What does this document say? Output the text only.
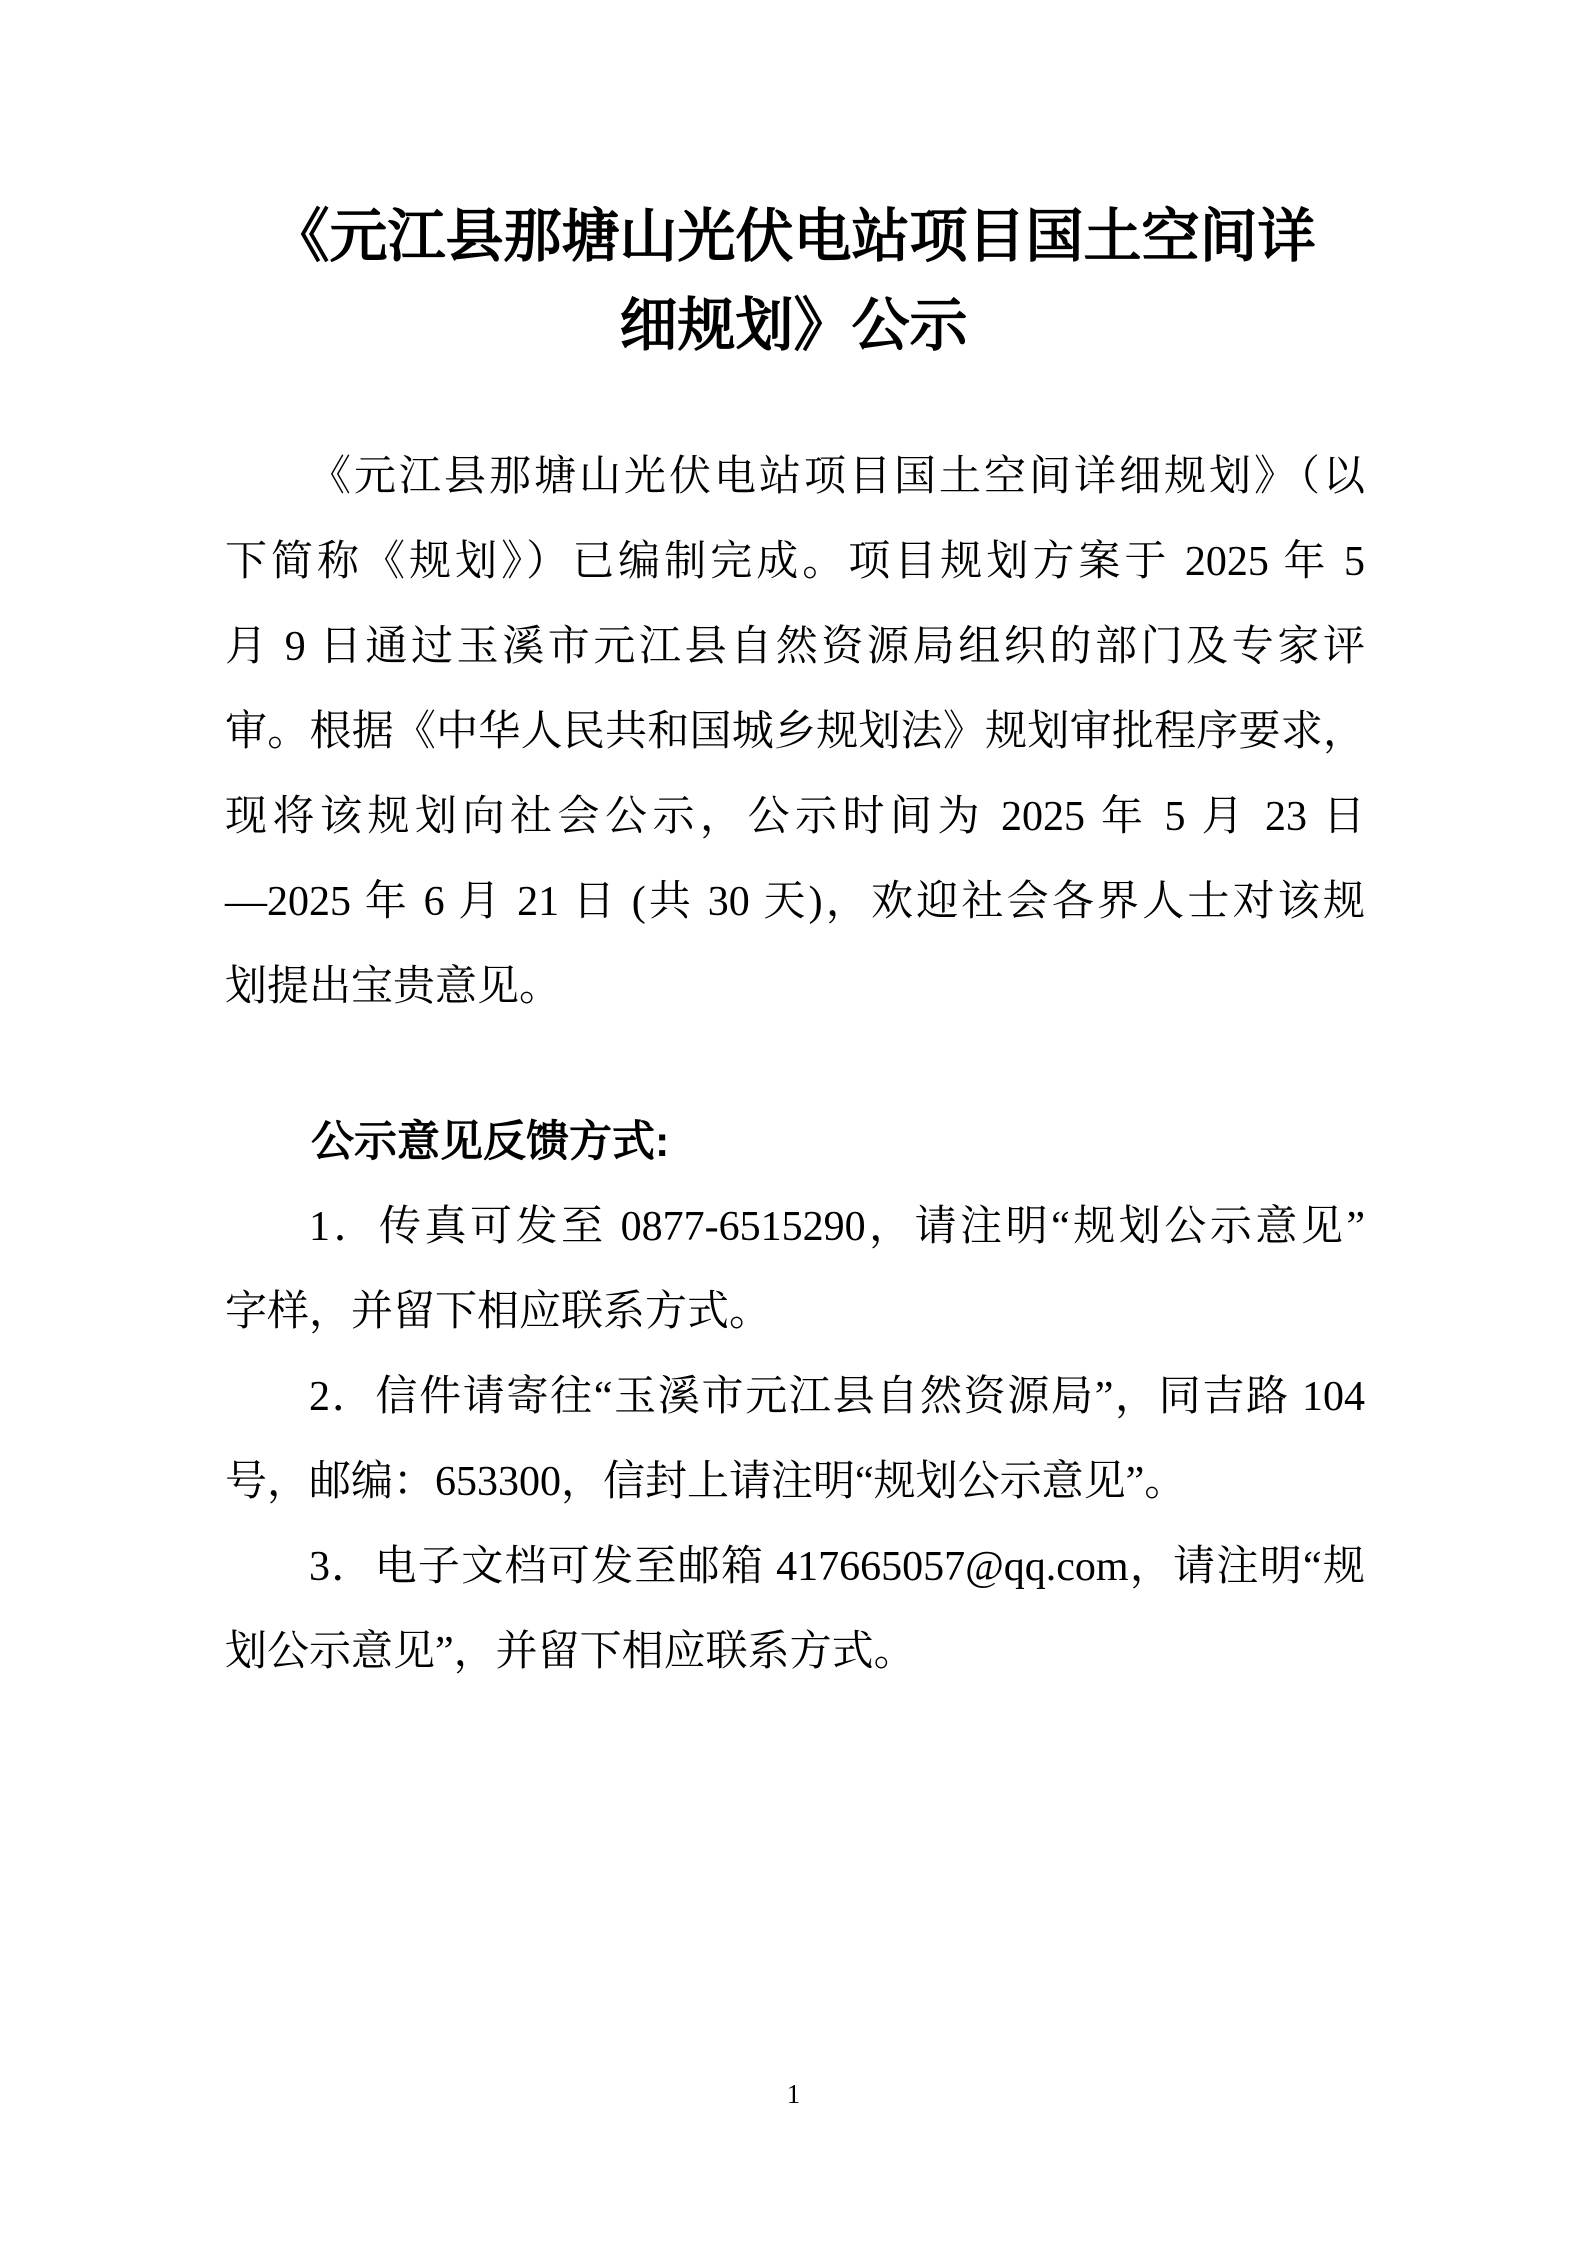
《元江县那塘山光伏电站项目国土空间详
细规划》公示
《元江县那塘山光伏电站项目国土空间详细规划》（以
下简称《规划》）已编制完成。项目规划方案于 2025 年 5
月 9 日通过玉溪市元江县自然资源局组织的部门及专家评
审。根据《中华人民共和国城乡规划法》规划审批程序要求，
现将该规划向社会公示，公示时间为 2025 年 5 月 23 日
—2025 年 6 月 21 日 (共 30 天)，欢迎社会各界人士对该规
划提出宝贵意见。
公示意见反馈方式:
1．传真可发至 0877-6515290，请注明“规划公示意见”
字样，并留下相应联系方式。
2．信件请寄往“玉溪市元江县自然资源局”，同吉路 104
号，邮编：653300，信封上请注明“规划公示意见”。
3．电子文档可发至邮箱 417665057@qq.com，请注明“规
划公示意见”，并留下相应联系方式。
1
